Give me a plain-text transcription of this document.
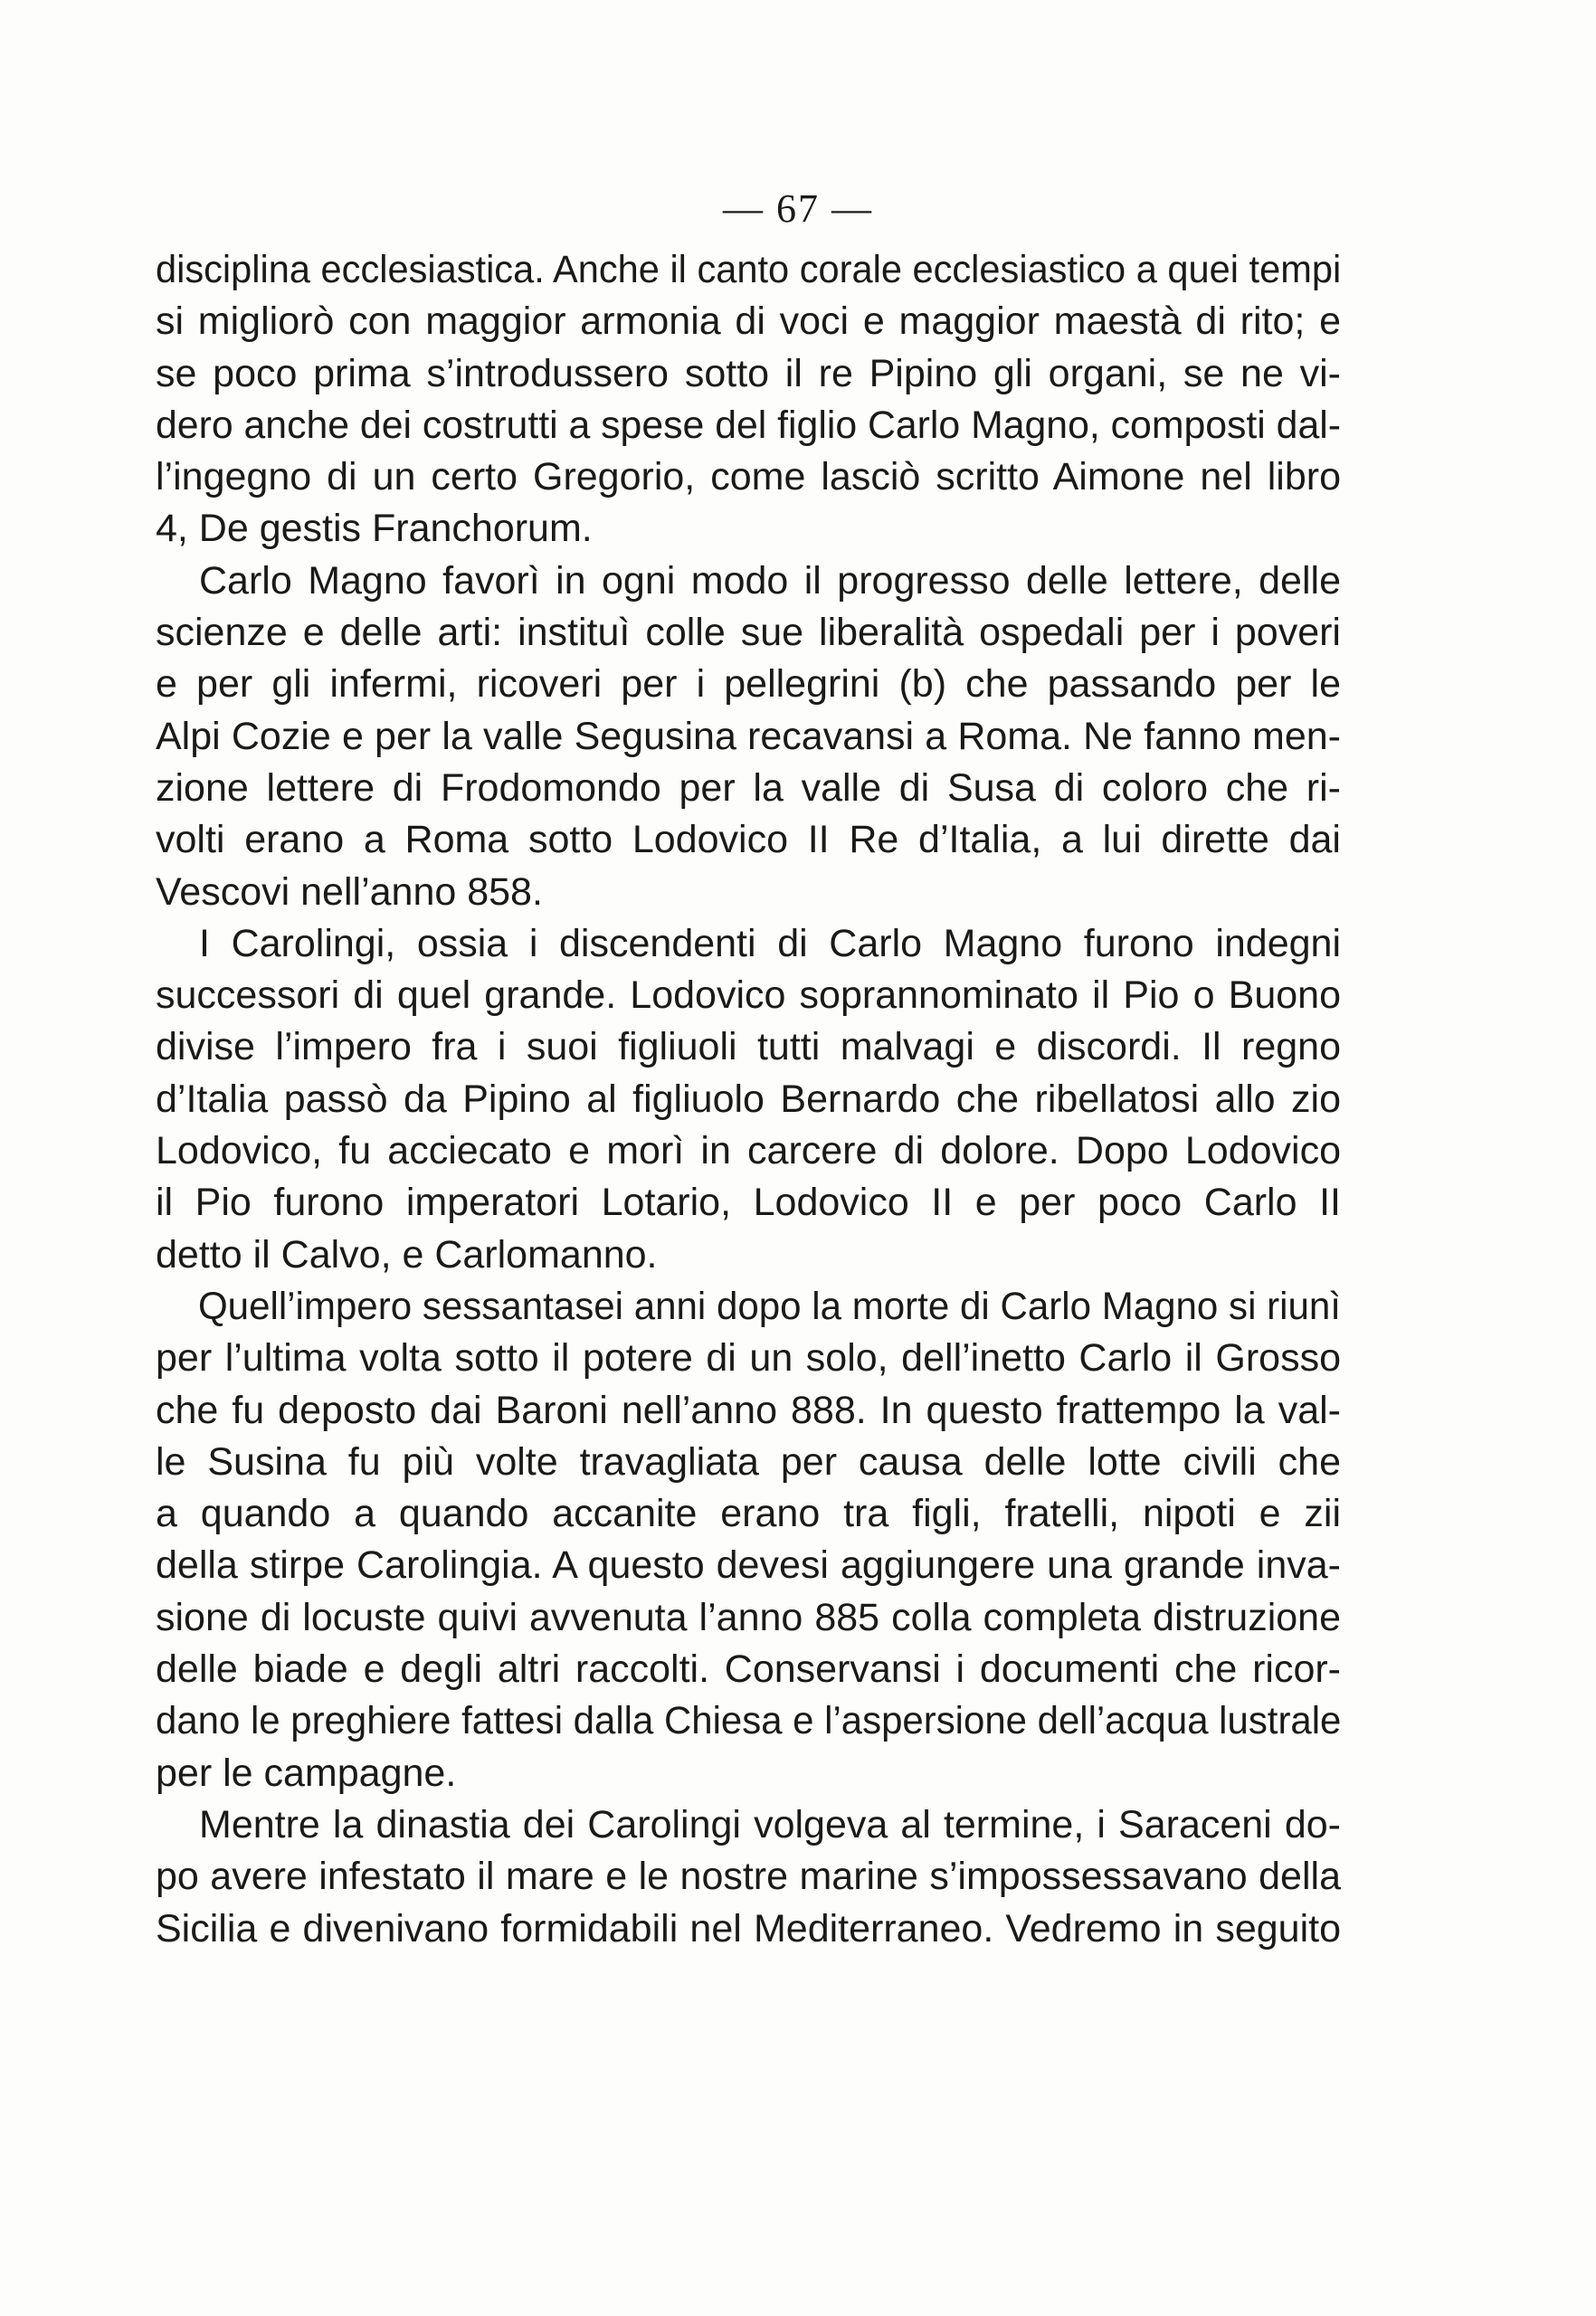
— 67 —
disciplina ecclesiastica. Anche il canto corale ecclesiastico a quei tempi
si migliorò con maggior armonia di voci e maggior maestà di rito; e
se poco prima s’introdussero sotto il re Pipino gli organi, se ne vi-
dero anche dei costrutti a spese del figlio Carlo Magno, composti dal-
l’ingegno di un certo Gregorio, come lasciò scritto Aimone nel libro
4, De gestis Franchorum.
Carlo Magno favorì in ogni modo il progresso delle lettere, delle
scienze e delle arti: instituì colle sue liberalità ospedali per i poveri
e per gli infermi, ricoveri per i pellegrini (b) che passando per le
Alpi Cozie e per la valle Segusina recavansi a Roma. Ne fanno men-
zione lettere di Frodomondo per la valle di Susa di coloro che ri-
volti erano a Roma sotto Lodovico II Re d’Italia, a lui dirette dai
Vescovi nell’anno 858.
I Carolingi, ossia i discendenti di Carlo Magno furono indegni
successori di quel grande. Lodovico soprannominato il Pio o Buono
divise l’impero fra i suoi figliuoli tutti malvagi e discordi. Il regno
d’Italia passò da Pipino al figliuolo Bernardo che ribellatosi allo zio
Lodovico, fu acciecato e morì in carcere di dolore. Dopo Lodovico
il Pio furono imperatori Lotario, Lodovico II e per poco Carlo II
detto il Calvo, e Carlomanno.
Quell’impero sessantasei anni dopo la morte di Carlo Magno si riunì
per l’ultima volta sotto il potere di un solo, dell’inetto Carlo il Grosso
che fu deposto dai Baroni nell’anno 888. In questo frattempo la val-
le Susina fu più volte travagliata per causa delle lotte civili che
a quando a quando accanite erano tra figli, fratelli, nipoti e zii
della stirpe Carolingia. A questo devesi aggiungere una grande inva-
sione di locuste quivi avvenuta l’anno 885 colla completa distruzione
delle biade e degli altri raccolti. Conservansi i documenti che ricor-
dano le preghiere fattesi dalla Chiesa e l’aspersione dell’acqua lustrale
per le campagne.
Mentre la dinastia dei Carolingi volgeva al termine, i Saraceni do-
po avere infestato il mare e le nostre marine s’impossessavano della
Sicilia e divenivano formidabili nel Mediterraneo. Vedremo in seguito
